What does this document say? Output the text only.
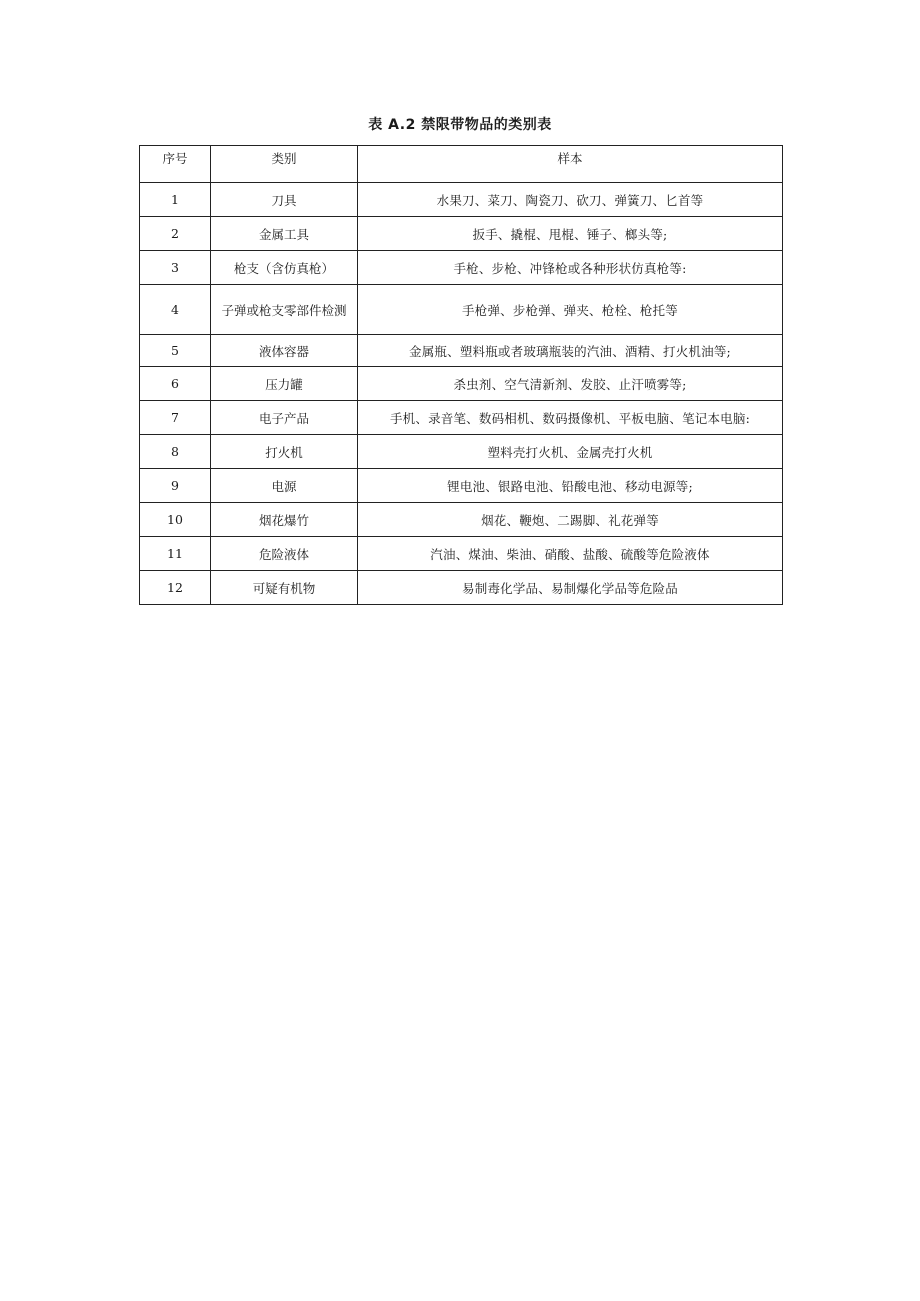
表 A.2 禁限带物品的类别表
序号	类别	样本
1	刀具	水果刀、菜刀、陶瓷刀、砍刀、弹簧刀、匕首等
2	金属工具	扳手、撬棍、甩棍、锤子、榔头等;
3	枪支（含仿真枪）	手枪、步枪、冲锋枪或各种形状仿真枪等:
4	子弹或枪支零部件检测	手枪弹、步枪弹、弹夹、枪栓、枪托等
5	液体容器	金属瓶、塑料瓶或者玻璃瓶装的汽油、酒精、打火机油等;
6	压力罐	杀虫剂、空气清新剂、发胶、止汗喷雾等;
7	电子产品	手机、录音笔、数码相机、数码摄像机、平板电脑、笔记本电脑:
8	打火机	塑料壳打火机、金属壳打火机
9	电源	锂电池、银路电池、铅酸电池、移动电源等;
10	烟花爆竹	烟花、鞭炮、二踢脚、礼花弹等
11	危险液体	汽油、煤油、柴油、硝酸、盐酸、硫酸等危险液体
12	可疑有机物	易制毒化学品、易制爆化学品等危险品
